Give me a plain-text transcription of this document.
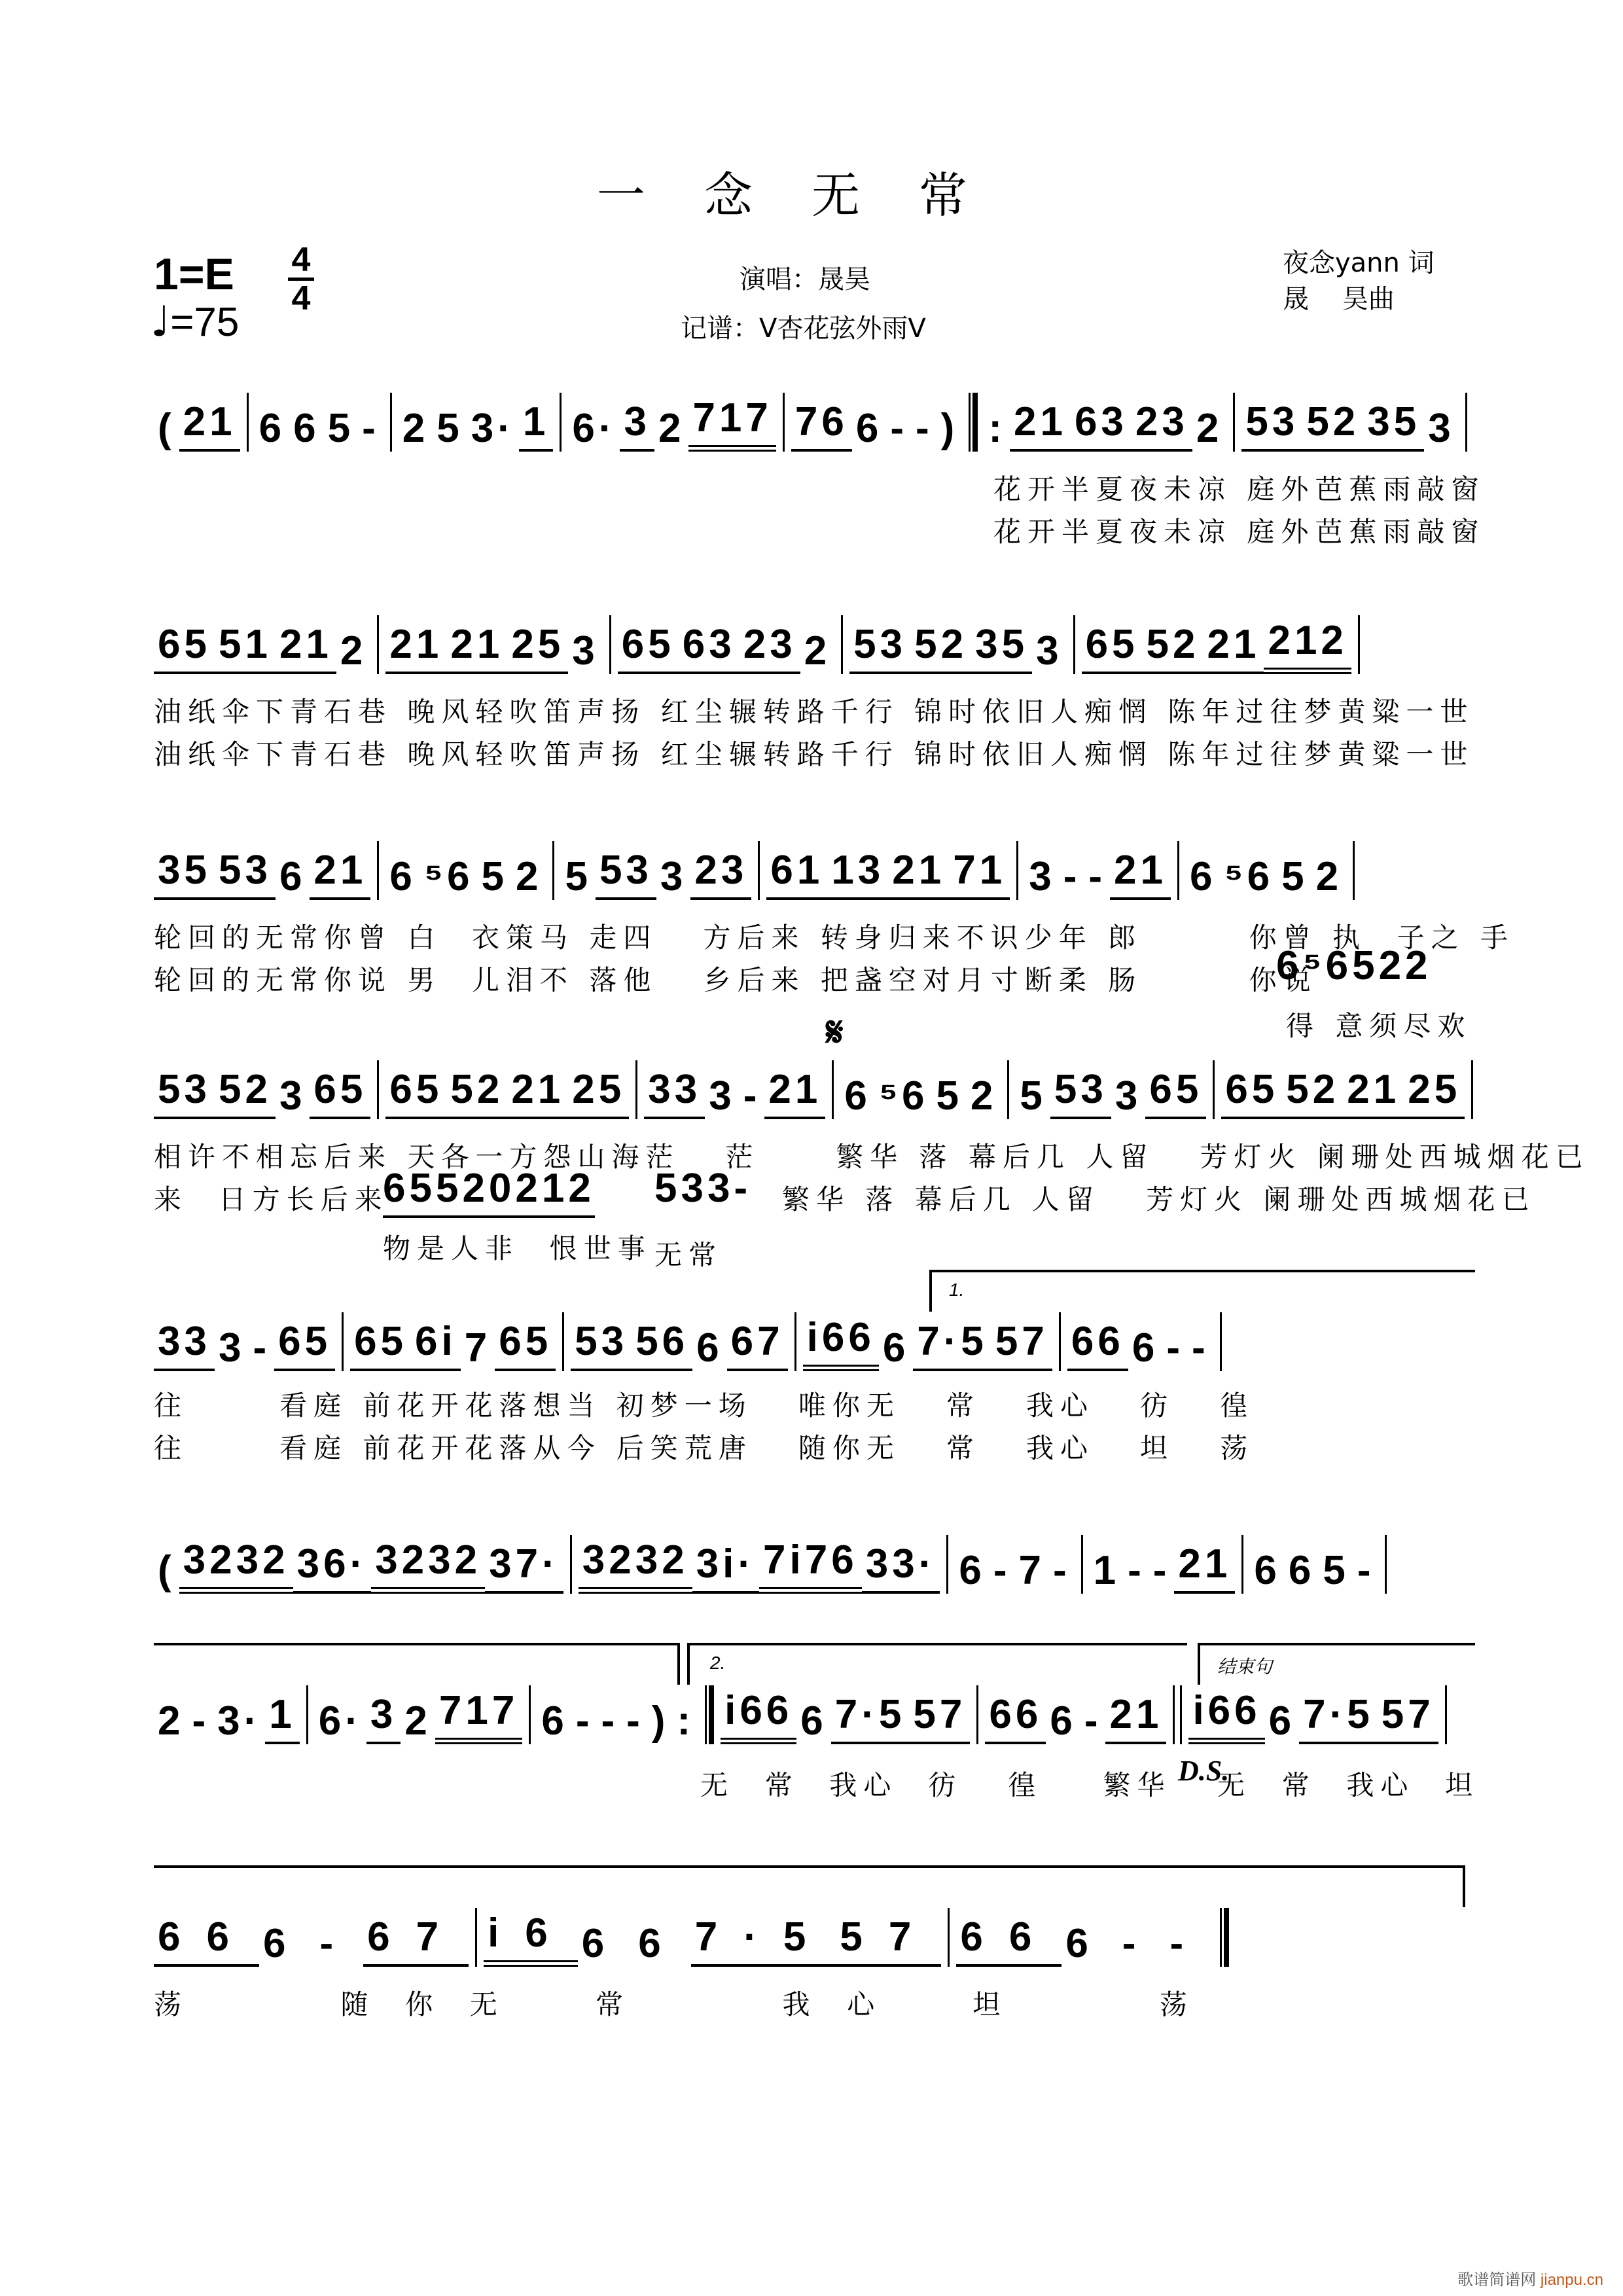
一念无常
1=E 4
4
♩=75
演唱：晟昊
记谱：V杏花弦外雨V
夜念yann 词
晟    昊曲
( 21 6 6 5 - 2 5 3· 1 6· 3 2 717 76 6 - - ) : 21 63 23 2 53 52 35 3
花开半夏夜未凉 庭外芭蕉雨敲窗
花开半夏夜未凉 庭外芭蕉雨敲窗
65 51 21 2 21 21 25 3 65 63 23 2 53 52 35 3 65 52 21 212
油纸伞下青石巷 晚风轻吹笛声扬 红尘辗转路千行 锦时依旧人痴惘 陈年过往梦黄粱一世
油纸伞下青石巷 晚风轻吹笛声扬 红尘辗转路千行 锦时依旧人痴惘 陈年过往梦黄粱一世
35 53 6 21 6 ⁵6 5 2 5 53 3 23 61 13 21 71 3 - - 21 6 ⁵6 5 2
轮回的无常你曾 白  衣策马 走四   方后来 转身归来不识少年 郎       你曾 执  子之 手
轮回的无常你说 男  儿泪不 落他   乡后来 把盏空对月寸断柔 肠       你说
6⁵6522
得 意须尽欢
𝄋
53 52 3 65 65 52 21 25 33 3 - 21 6 ⁵6 5 2 5 53 3 65 65 52 21 25
相许不相忘后来 天各一方怨山海茫   茫     繁华 落 幕后几 人留   芳灯火 阑珊处西城烟花已
来  日方长后来
65520212
物是人非  恨世事
533-
无常
繁华 落 幕后几 人留   芳灯火 阑珊处西城烟花已
1.
33 3 - 65 65 6i 7 65 53 56 6 67 i66 6 7·5 57 66 6 - -
往      看庭 前花开花落想当 初梦一场   唯你无   常   我心   彷   徨
往      看庭 前花开花落从今 后笑荒唐   随你无   常   我心   坦   荡
( 3232 36· 3232 37· 3232 3i· 7i76 33· 6 - 7 - 1 - - 21 6 6 5 -
2.	结束句
2 - 3· 1 6· 3 2 717 6 - - - ) : i66 6 7·5 57 66 6 - 21 i66 6 7·5 57
无  常  我心  彷   徨    繁华 D.S.
无  常  我心  坦
66 6 - 67 i6 6 6 7·5 57 66 6 - -
荡          随  你  无      常          我  心      坦          荡
歌谱简谱网 jianpu.cn
